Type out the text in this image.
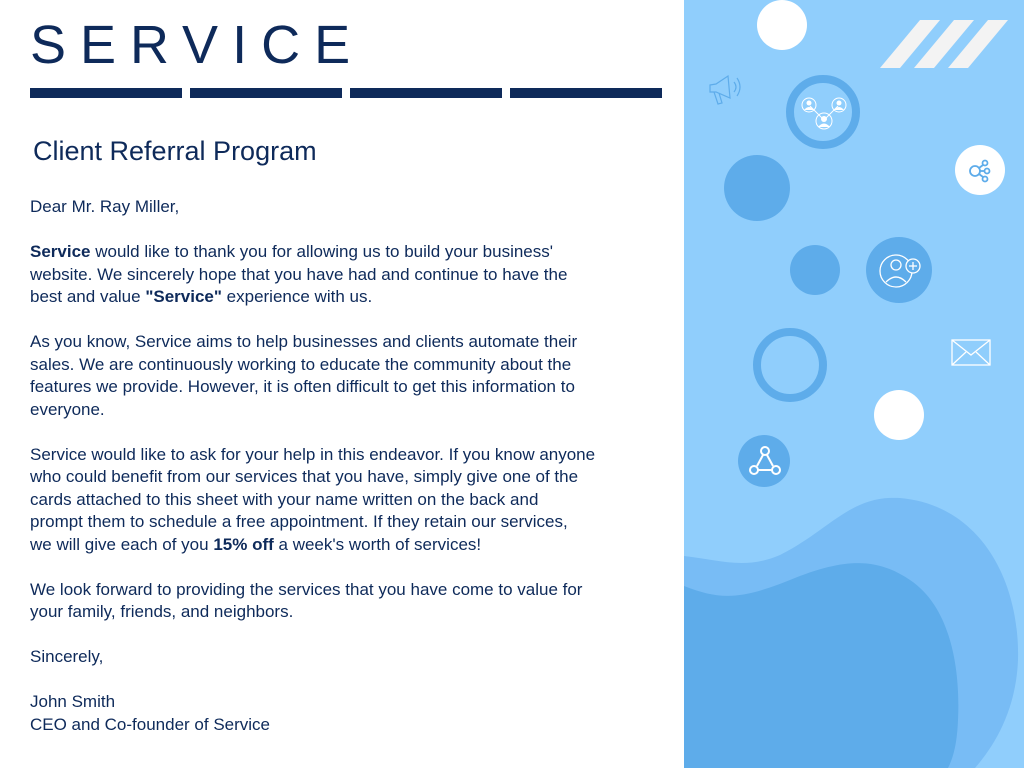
SERVICE
Client Referral Program
Dear Mr. Ray Miller,
Service would like to thank you for allowing us to build your business'
website. We sincerely hope that you have had and continue to have the
best and value "Service" experience with us.
As you know, Service aims to help businesses and clients automate their
sales. We are continuously working to educate the community about the
features we provide. However, it is often difficult to get this information to
everyone.
Service would like to ask for your help in this endeavor. If you know anyone
who could benefit from our services that you have, simply give one of the
cards attached to this sheet with your name written on the back and
prompt them to schedule a free appointment. If they retain our services,
we will give each of you 15% off a week's worth of services!
We look forward to providing the services that you have come to value for
your family, friends, and neighbors.
Sincerely,
John Smith
CEO and Co-founder of Service
